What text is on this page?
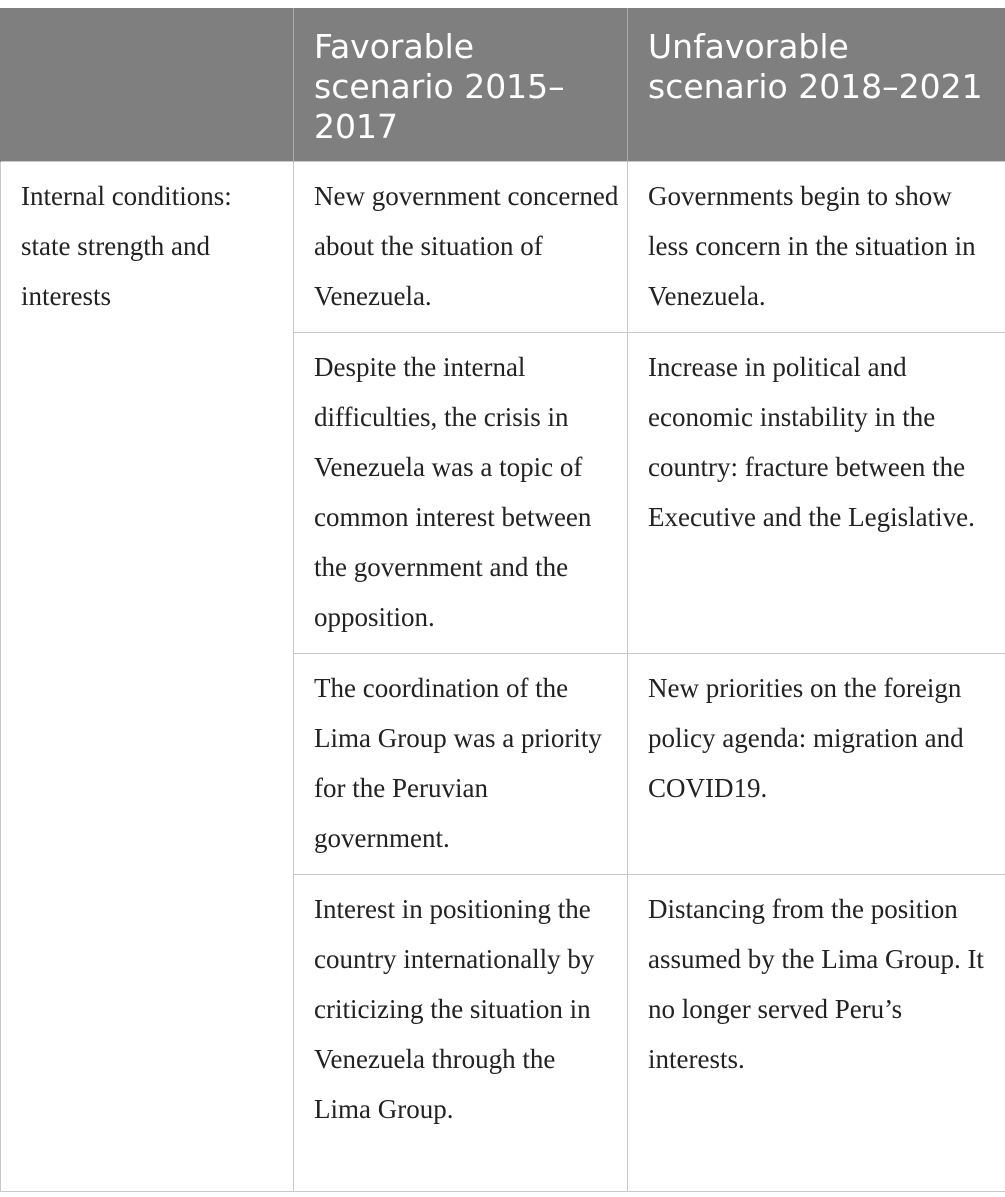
	Favorable scenario 2015–2017	Unfavorable scenario 2018–2021
Internal conditions: state strength and interests	New government concerned about the situation of Venezuela.	Governments begin to show less concern in the situation in Venezuela.
	Despite the internal difficulties, the crisis in Venezuela was a topic of common interest between the government and the opposition.	Increase in political and economic instability in the country: fracture between the Executive and the Legislative.
	The coordination of the Lima Group was a priority for the Peruvian government.	New priorities on the foreign policy agenda: migration and COVID19.
	Interest in positioning the country internationally by criticizing the situation in Venezuela through the Lima Group.	Distancing from the position assumed by the Lima Group. It no longer served Peru’s interests.
